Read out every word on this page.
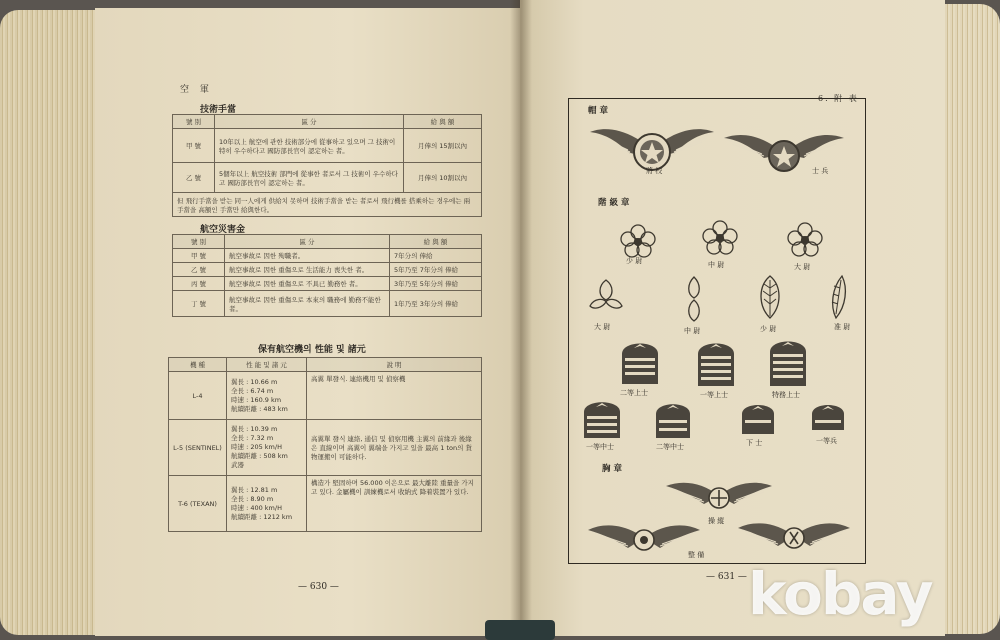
空 軍
技術手當
號 別	區 分	給 與 額
甲 號	10年以上 航空에 관한 技術部分에 從事하고 있으며 그 技術이 特히 우수하다고 國防部長官이 認定하는 者。	月俸의 15割以內
乙 號	5個年以上 航空技術 部門에 從事한 者로서 그 技術이 우수하다고 國防部長官이 認定하는 者。	月俸의 10割以內
但 飛行手當을 받는 同一人에게 供給치 못하며 技術手當을 받는 者로서 飛行機를 搭乘하는 경우에는 兩 手當을 高額인 手當만 給與한다。		
航空災害金
號 別	區 分	給 與 額
甲 號	航空事故로 因한 殉職者。	7年分의 俸給
乙 號	航空事故로 因한 重傷으로 生活能力 喪失한 者。	5年乃至 7年分의 俸給
丙 號	航空事故로 因한 重傷으로 不具已 勤務한 者。	3年乃至 5年分의 俸給
丁 號	航空事故로 因한 重傷으로 本來의 職務에 勤務不能한 者。	1年乃至 3年分의 俸給
保有航空機의 性能 및 諸元
機 種	性 能 및 諸 元	說 明
L-4	翼長 : 10.66 m
全長 : 6.74 m
時速 : 160.9 km
航續距離 : 483 km	高翼 單發식. 連絡機用 및 偵察機
L-5 (SENTINEL)	翼長 : 10.39 m
全長 : 7.32 m
時速 : 205 km/H
航續距離 : 508 km
武器	高翼單 發식 連絡, 通信 및 偵察用機 主翼의 前緣과 後緣은 直線이며 高翼이 翼端을 가지고 있을 最高 1 ton의 貨物運搬이 可能하다.
T-6 (TEXAN)	翼長 : 12.81 m
全長 : 8.90 m
時速 : 400 km/H
航續距離 : 1212 km	構造가 堅固하며 56.000 이은으로 最大離陸 重量을 가지고 있다. 金屬機이 訓練機로서 收納式 降着裝置가 있다.
— 630 —
6. 附 表
帽 章
將 校	士 兵
階 級 章
少 尉	中 尉	大 尉
大 尉	中 尉	少 尉	准 尉
二等上士	一等上士	特務上士
一等中士	二等中士	下 士	一等兵
胸 章
操 縱
整 備
— 631 — kobay
